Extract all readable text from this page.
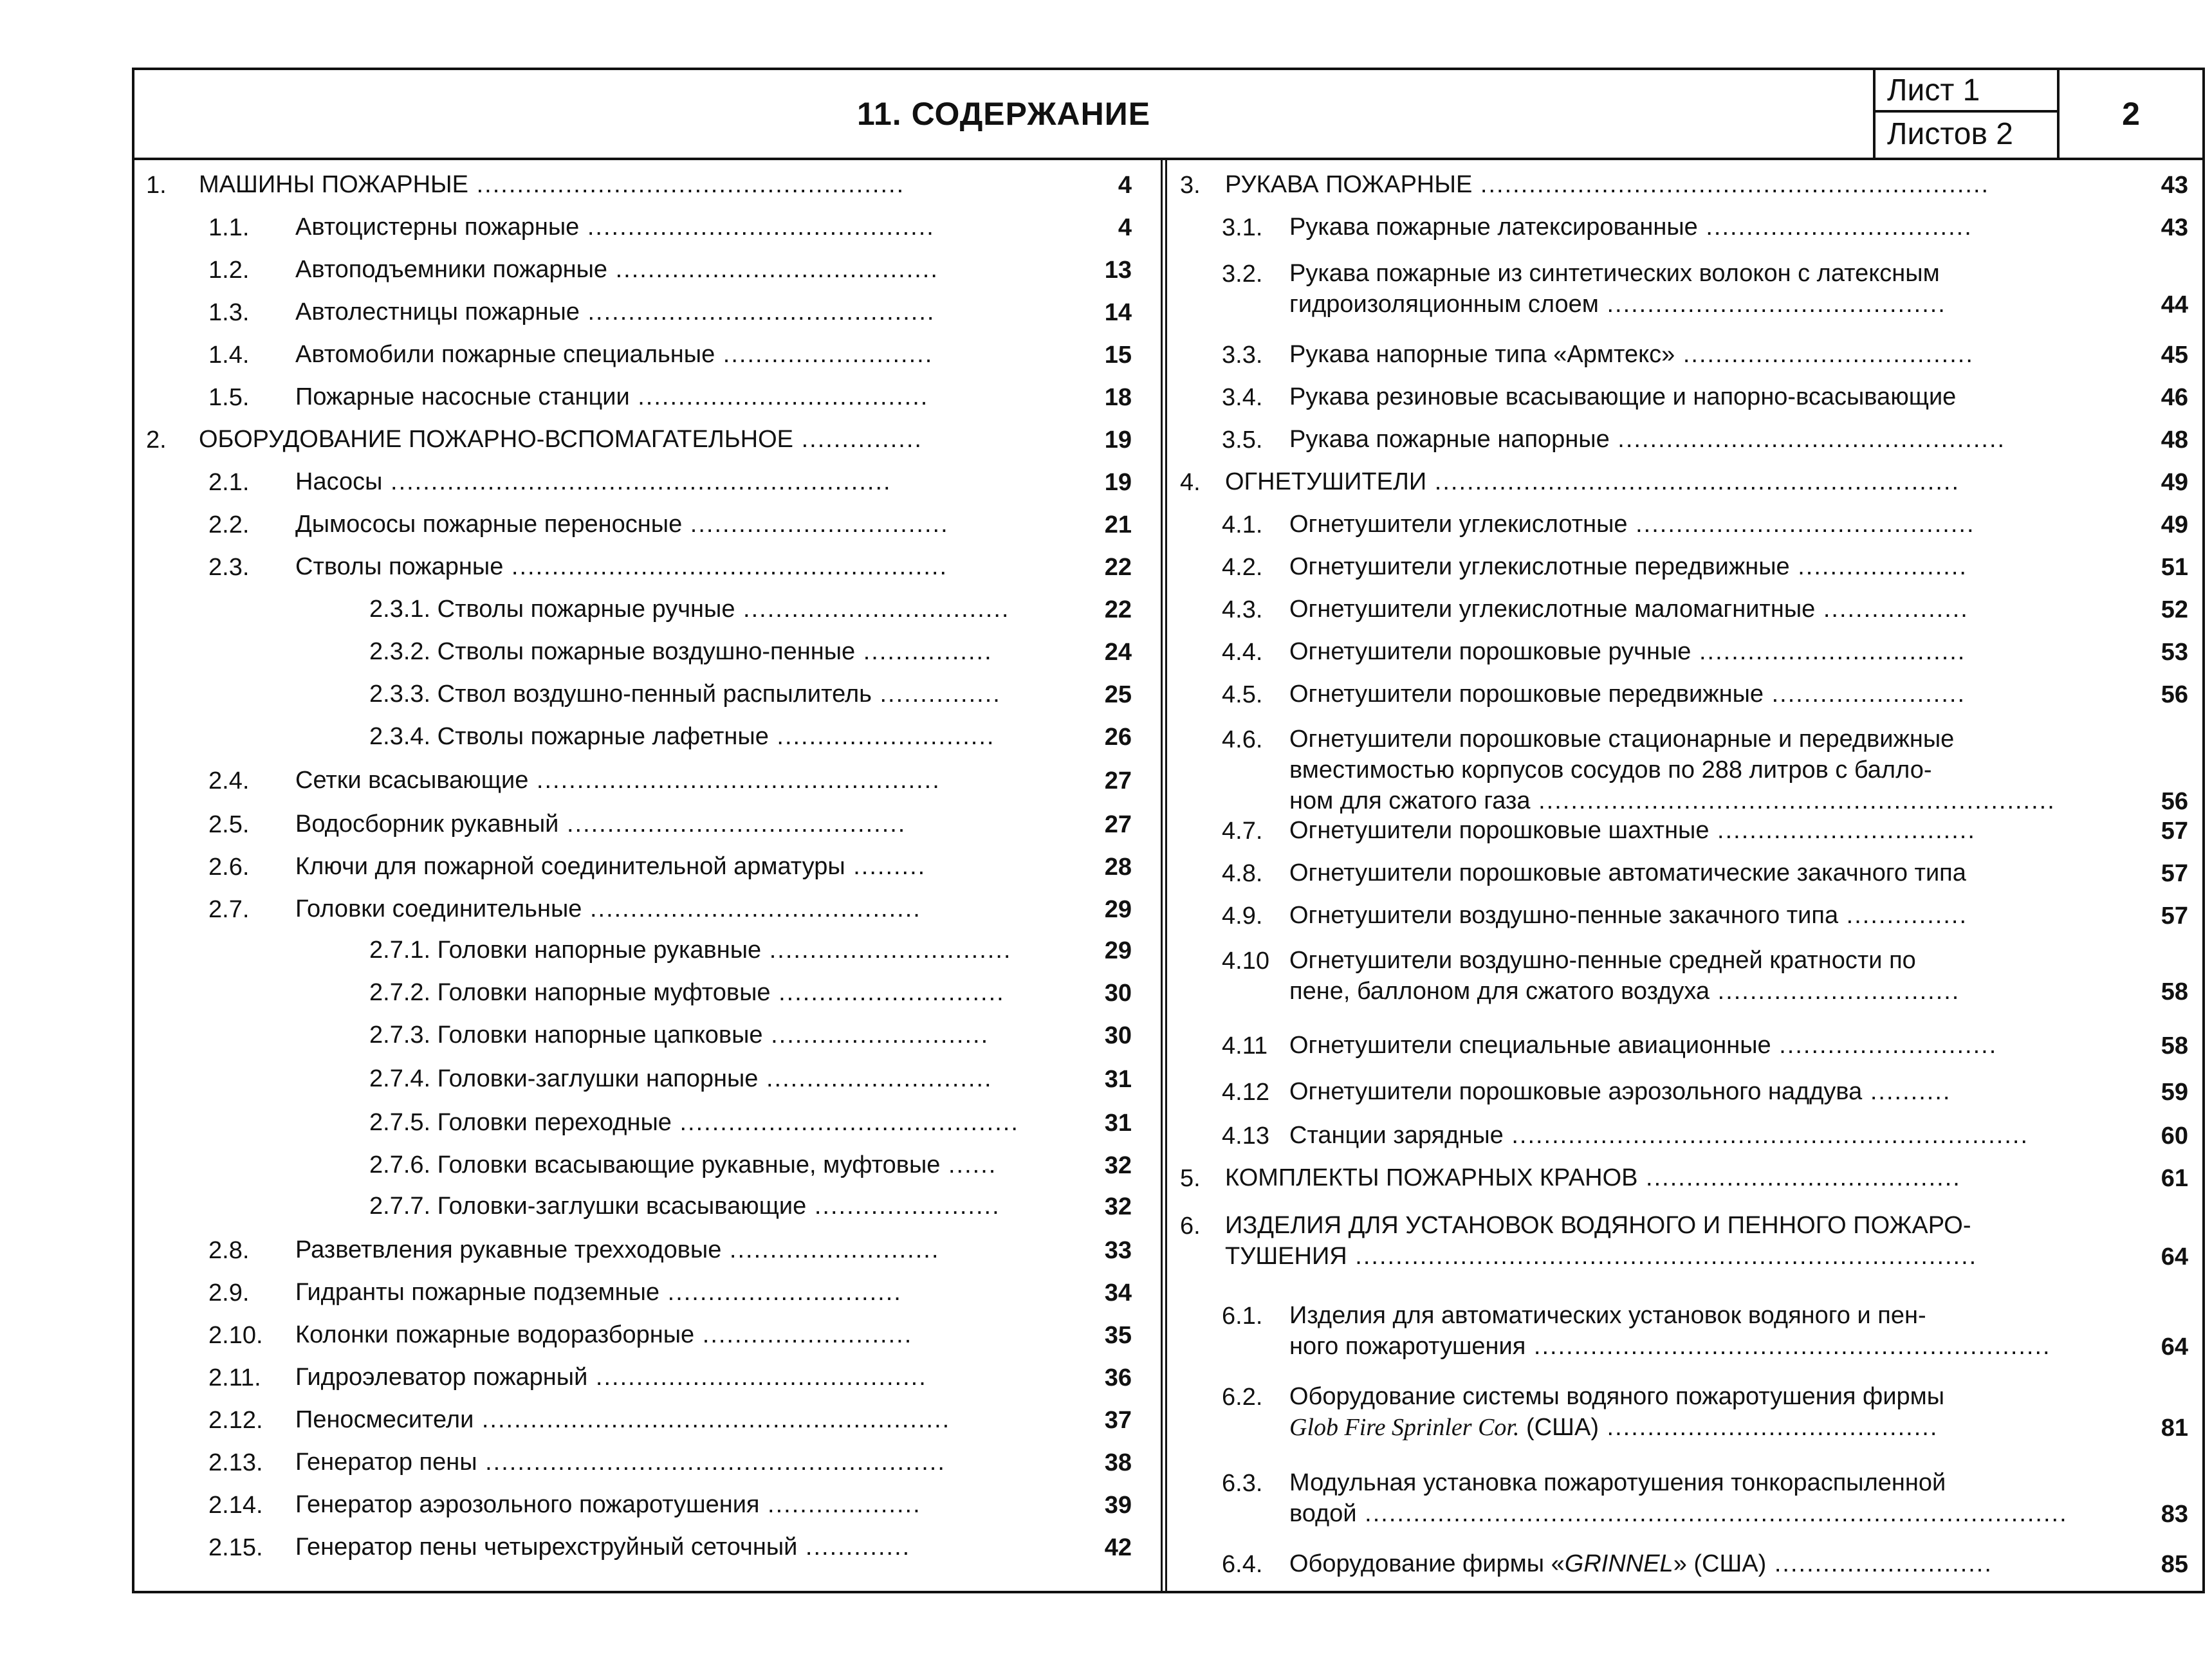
11. СОДЕРЖАНИЕ
Лист 1
Листов 2
2
1. МАШИНЫ ПОЖАРНЫЕ .....................................................	4
1.1. Автоцистерны пожарные ...........................................	4
1.2. Автоподъемники пожарные ........................................	13
1.3. Автолестницы пожарные ...........................................	14
1.4. Автомобили пожарные специальные ..........................	15
1.5. Пожарные насосные станции ....................................	18
2. ОБОРУДОВАНИЕ ПОЖАРНО-ВСПОМАГАТЕЛЬНОЕ ...............	19
2.1. Насосы ..............................................................	19
2.2. Дымососы пожарные переносные ................................	21
2.3. Стволы пожарные ......................................................	22
2.3.1. Стволы пожарные ручные .................................	22
2.3.2. Стволы пожарные воздушно-пенные ................	24
2.3.3. Ствол воздушно-пенный распылитель ...............	25
2.3.4. Стволы пожарные лафетные ...........................	26
2.4. Сетки всасывающие ..................................................	27
2.5. Водосборник рукавный ..........................................	27
2.6. Ключи для пожарной соединительной арматуры .........	28
2.7. Головки соединительные .........................................	29
2.7.1. Головки напорные рукавные ..............................	29
2.7.2. Головки напорные муфтовые ............................	30
2.7.3. Головки напорные цапковые ...........................	30
2.7.4. Головки-заглушки напорные ............................	31
2.7.5. Головки переходные ..........................................	31
2.7.6. Головки всасывающие рукавные, муфтовые ......	32
2.7.7. Головки-заглушки всасывающие .......................	32
2.8. Разветвления рукавные трехходовые ..........................	33
2.9. Гидранты пожарные подземные .............................	34
2.10. Колонки пожарные водоразборные ..........................	35
2.11. Гидроэлеватор пожарный .........................................	36
2.12. Пеносмесители ..........................................................	37
2.13. Генератор пены .........................................................	38
2.14. Генератор аэрозольного пожаротушения ...................	39
2.15. Генератор пены четырехструйный сеточный .............	42
3. РУКАВА ПОЖАРНЫЕ ...............................................................	43
3.1. Рукава пожарные латексированные .................................	43
3.2. Рукава пожарные из синтетических волокон с латексным
гидроизоляционным слоем ..........................................	44
3.3. Рукава напорные типа «Армтекс» ....................................	45
3.4. Рукава резиновые всасывающие и напорно-всасывающие	46
3.5. Рукава пожарные напорные ................................................	48
4. ОГНЕТУШИТЕЛИ .................................................................	49
4.1. Огнетушители углекислотные ..........................................	49
4.2. Огнетушители углекислотные передвижные .....................	51
4.3. Огнетушители углекислотные маломагнитные ..................	52
4.4. Огнетушители порошковые ручные .................................	53
4.5. Огнетушители порошковые передвижные ........................	56
4.6. Огнетушители порошковые стационарные и передвижные
вместимостью корпусов сосудов по 288 литров с балло-
ном для сжатого газа ................................................................	56
4.7. Огнетушители порошковые шахтные ................................	57
4.8. Огнетушители порошковые автоматические закачного типа	57
4.9. Огнетушители воздушно-пенные закачного типа ...............	57
4.10 Огнетушители воздушно-пенные средней кратности по
пене, баллоном для сжатого воздуха ..............................	58
4.11 Огнетушители специальные авиационные ...........................	58
4.12 Огнетушители порошковые аэрозольного наддува ..........	59
4.13 Станции зарядные ................................................................	60
5. КОМПЛЕКТЫ ПОЖАРНЫХ КРАНОВ .......................................	61
6. ИЗДЕЛИЯ ДЛЯ УСТАНОВОК ВОДЯНОГО И ПЕННОГО ПОЖАРО-
ТУШЕНИЯ .............................................................................	64
6.1. Изделия для автоматических установок водяного и пен-
ного пожаротушения ................................................................	64
6.2. Оборудование системы водяного пожаротушения фирмы
Glob Fire Sprinler Cor. (США) .........................................	81
6.3. Модульная установка пожаротушения тонкораспыленной
водой .......................................................................................	83
6.4. Оборудование фирмы «GRINNEL» (США) ...........................	85
